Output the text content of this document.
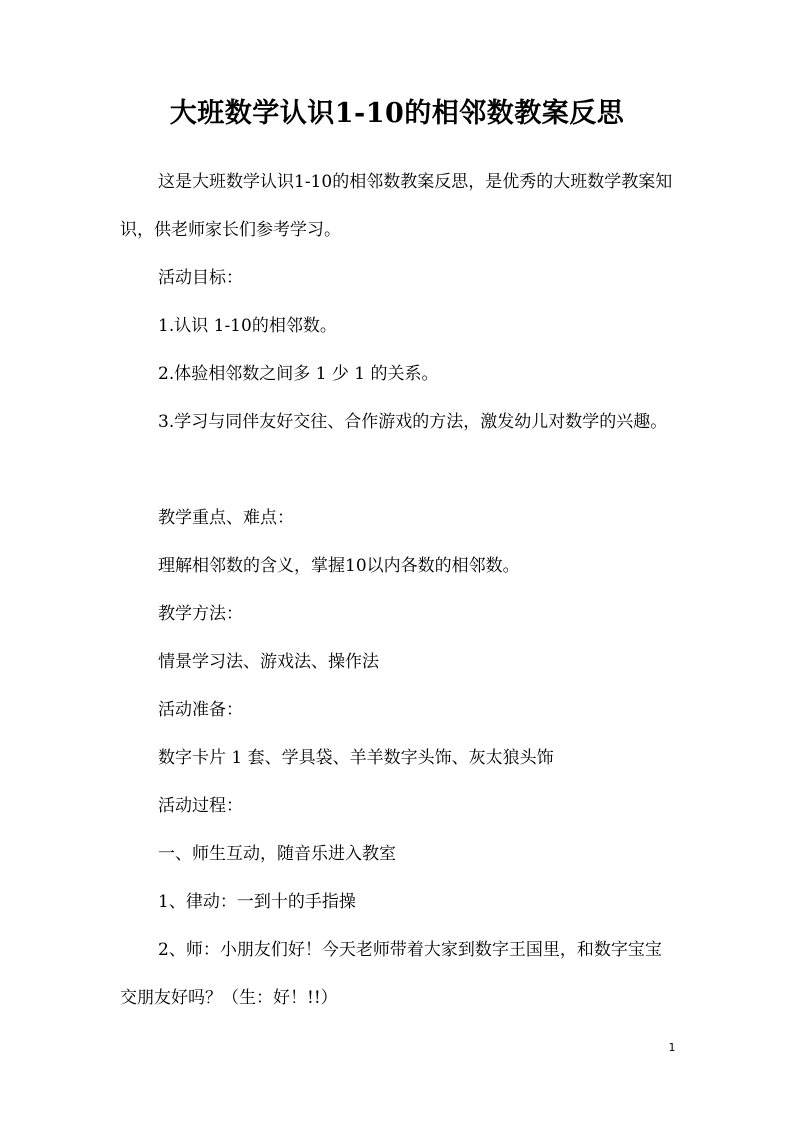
大班数学认识1-10的相邻数教案反思

这是大班数学认识1-10的相邻数教案反思，是优秀的大班数学教案知识，供老师家长们参考学习。

活动目标：

1.认识 1-10的相邻数。

2.体验相邻数之间多 1 少 1 的关系。

3.学习与同伴友好交往、合作游戏的方法，激发幼儿对数学的兴趣。

教学重点、难点：

理解相邻数的含义，掌握10以内各数的相邻数。

教学方法：

情景学习法、游戏法、操作法

活动准备：

数字卡片 1 套、学具袋、羊羊数字头饰、灰太狼头饰

活动过程：

一、师生互动，随音乐进入教室

1、律动：一到十的手指操

2、师：小朋友们好！今天老师带着大家到数字王国里，和数字宝宝交朋友好吗？（生：好！!!）

1
